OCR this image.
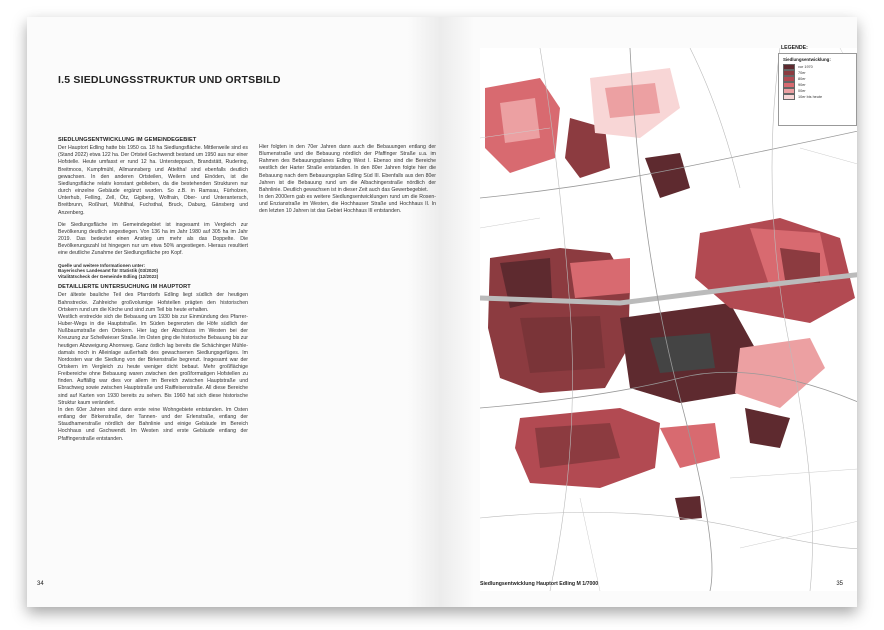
I.5 SIEDLUNGSSTRUKTUR UND ORTSBILD
SIEDLUNGSENTWICKLUNG IM GEMEINDEGEBIET

Der Hauptort Edling hatte bis 1950 ca. 18 ha Siedlungsfläche. Mittlerweile sind es (Stand 2022) etwa 122 ha. Der Ortsteil Gschwendt bestand um 1950 aus nur einer Hofstelle. Heute umfasst er rund 12 ha. Untersteppach, Brandstätt, Rudering, Breitmoos, Kumpfmühl, Allmannsberg und Atteltha! sind ebenfalls deutlich gewachsen. In den anderen Ortsteilen, Weilern und Einöden, ist die Siedlungsfläche relativ konstant geblieben, da die bestehenden Strukturen nur durch einzelne Gebäude ergänzt wurden. So z.B. in Ramsau, Fürholzen, Unterhub, Felling, Zell, Ötz, Gigiberg, Wolfrain, Ober- und Unterantersch, Breitbrunn, Roßhart, Mühlthal, Fuchsthal, Bruck, Daburg, Gänsberg und Anzenberg.

Die Siedlungsfläche im Gemeindegebiet ist insgesamt im Vergleich zur Bevölkerung deutlich angestiegen. Von 136 ha im Jahr 1980 auf 305 ha im Jahr 2019. Das bedeutet einen Anstieg um mehr als das Doppelte. Die Bevölkerungszahl ist hingegen nur um etwa 50% angestiegen. Hieraus resultiert eine deutliche Zunahme der Siedlungsfläche pro Kopf.

Quelle und weitere Informationen unter:
Bayerisches Landesamt für Statistik (03/2020)
Vitalitätscheck der Gemeinde Edling (12/2022)

DETAILLIERTE UNTERSUCHUNG IM HAUPTORT

Der älteste bauliche Teil des Pfarrdorfs Edling liegt südlich der heutigen Bahnstrecke. Zahlreiche großvolumige Hofstellen prägten den historischen Ortskern rund um die Kirche und sind zum Teil bis heute erhalten.

Westlich erstreckte sich die Bebauung um 1930 bis zur Einmündung des Pfarrer-Huber-Wegs in die Hauptstraße. Im Süden begrenzten die Höfe südlich der Nußbaumstraße den Ortskern. Hier lag der Abschluss im Westen bei der Kreuzung zur Schellwieser Straße. Im Osten ging die historische Bebauung bis zur heutigen Abzweigung Ahornweg. Ganz östlich lag bereits die Schächinger Mühle- damals noch in Alleinlage außerhalb des gewachsenen Siedlungsgefüges. Im Nordosten war die Siedlung von der Birkenstraße begrenzt. Insgesamt war der Ortskern im Vergleich zu heute weniger dicht bebaut. Mehr großflächige Freibereiche ohne Bebauung waren zwischen den großformatigen Hofstellen zu finden. Auffällig war dies vor allem im Bereich zwischen Hauptstraße und Ebrachweg sowie zwischen Hauptstraße und Raiffeisenstraße. All diese Bereiche sind auf Karten von 1930 bereits zu sehen. Bis 1960 hat sich diese historische Struktur kaum verändert.

In den 60er Jahren sind dann erste reine Wohngebiete entstanden. Im Osten entlang der Birkenstraße, der Tannen- und der Erlenstraße, entlang der Staudhamerstraße nördlich der Bahnlinie und einige Gebäude im Bereich Hochhaus und Gschwendt. Im Westen sind erste Gebäude entlang der Pfaffingerstraße entstanden.

Hier folgten in den 70er Jahren dann auch die Bebauungen entlang der Blumenstraße und die Bebauung nördlich der Pfaffinger Straße u.a. im Rahmen des Bebauungsplanes Edling West I. Ebenso sind die Bereiche westlich der Harter Straße entstanden. In den 80er Jahren folgte hier die Bebauung nach dem Bebauungsplan Edling Süd III. Ebenfalls aus den 80er Jahren ist die Bebauung rund um die Albachingerstraße nördlich der Bahnlinie. Deutlich gewachsen ist in dieser Zeit auch das Gewerbegebiet.

In den 2000ern gab es weitere Siedlungsentwicklungen rund um die Rosen- und Enzianstraße im Westen, die Hochhauser Straße und Hochhaus II. In den letzten 10 Jahren ist das Gebiet Hochhaus III entstanden.

34
LEGENDE:
Siedlungsentwicklung:
vor 1970
70er
80er
90er
00er
10er bis heute
Siedlungsentwicklung Hauptort Edling M 1/7000	35
